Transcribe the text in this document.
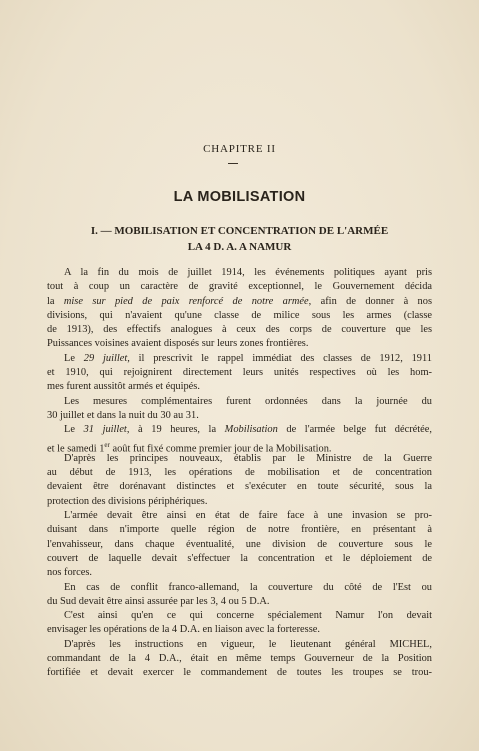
CHAPITRE II
LA MOBILISATION
I. — MOBILISATION ET CONCENTRATION DE L'ARMÉE
LA 4 D. A. A NAMUR
A la fin du mois de juillet 1914, les événements politiques ayant pris
tout à coup un caractère de gravité exceptionnel, le Gouvernement décida
la mise sur pied de paix renforcé de notre armée, afin de donner à nos
divisions, qui n'avaient qu'une classe de milice sous les armes (classe
de 1913), des effectifs analogues à ceux des corps de couverture que les
Puissances voisines avaient disposés sur leurs zones frontières.
Le 29 juillet, il prescrivit le rappel immédiat des classes de 1912, 1911
et 1910, qui rejoignirent directement leurs unités respectives où les hom-
mes furent aussitôt armés et équipés.
Les mesures complémentaires furent ordonnées dans la journée du
30 juillet et dans la nuit du 30 au 31.
Le 31 juillet, à 19 heures, la Mobilisation de l'armée belge fut décrétée,
et le samedi 1er août fut fixé comme premier jour de la Mobilisation.
D'après les principes nouveaux, établis par le Ministre de la Guerre
au début de 1913, les opérations de mobilisation et de concentration
devaient être dorénavant distinctes et s'exécuter en toute sécurité, sous la
protection des divisions périphériques.
L'armée devait être ainsi en état de faire face à une invasion se pro-
duisant dans n'importe quelle région de notre frontière, en présentant à
l'envahisseur, dans chaque éventualité, une division de couverture sous le
couvert de laquelle devait s'effectuer la concentration et le déploiement de
nos forces.
En cas de conflit franco-allemand, la couverture du côté de l'Est ou
du Sud devait être ainsi assurée par les 3, 4 ou 5 D.A.
C'est ainsi qu'en ce qui concerne spécialement Namur l'on devait
envisager les opérations de la 4 D.A. en liaison avec la forteresse.
D'après les instructions en vigueur, le lieutenant général MICHEL,
commandant de la 4 D.A., était en même temps Gouverneur de la Position
fortifiée et devait exercer le commandement de toutes les troupes se trou-
